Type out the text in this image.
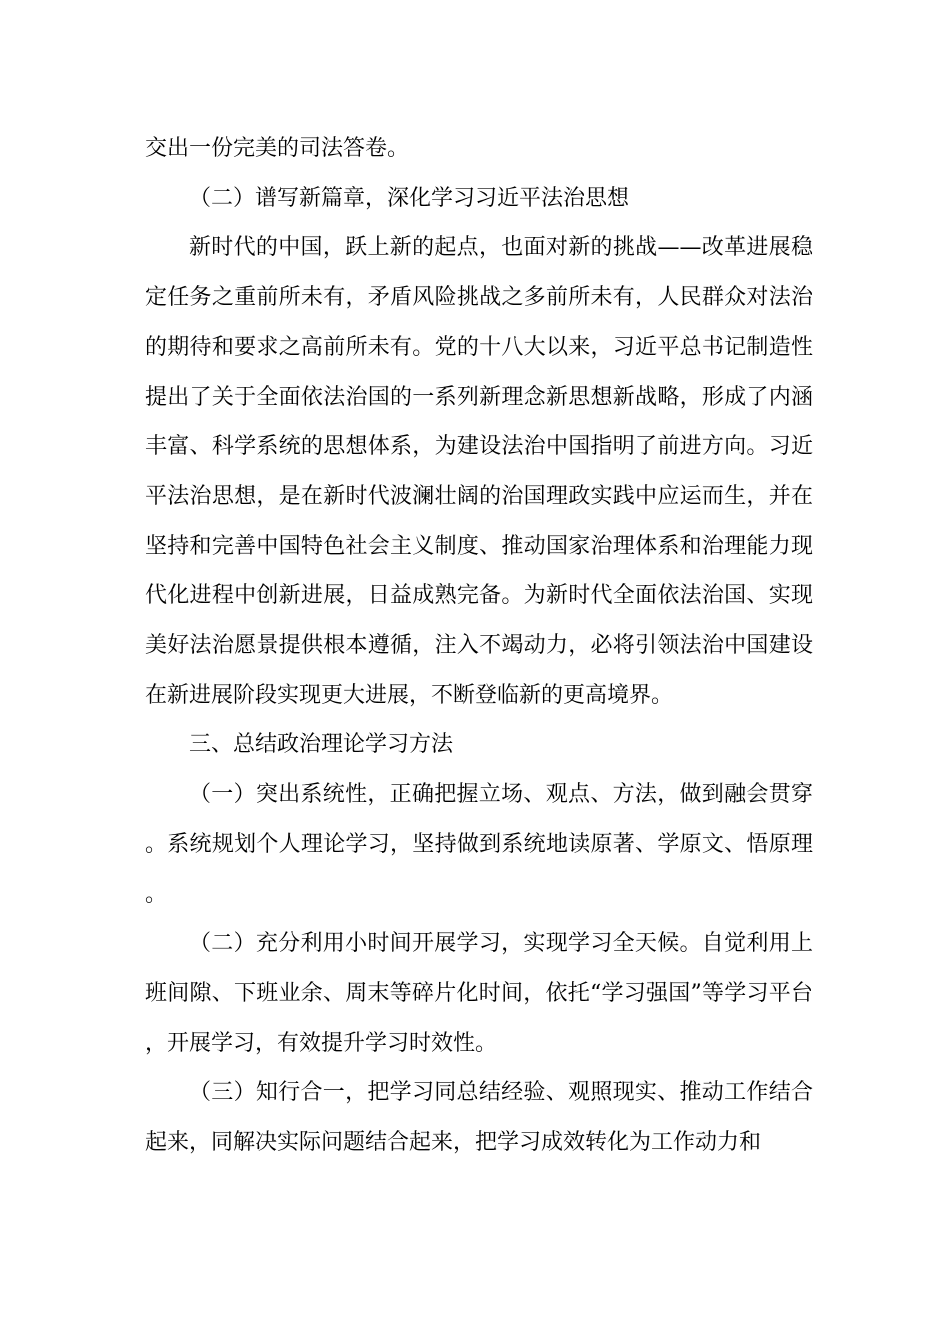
交出一份完美的司法答卷。

（二）谱写新篇章，深化学习习近平法治思想

新时代的中国，跃上新的起点，也面对新的挑战——改革进展稳定任务之重前所未有，矛盾风险挑战之多前所未有，人民群众对法治的期待和要求之高前所未有。党的十八大以来，习近平总书记制造性提出了关于全面依法治国的一系列新理念新思想新战略，形成了内涵丰富、科学系统的思想体系，为建设法治中国指明了前进方向。习近平法治思想，是在新时代波澜壮阔的治国理政实践中应运而生，并在坚持和完善中国特色社会主义制度、推动国家治理体系和治理能力现代化进程中创新进展，日益成熟完备。为新时代全面依法治国、实现美好法治愿景提供根本遵循，注入不竭动力，必将引领法治中国建设在新进展阶段实现更大进展，不断登临新的更高境界。

三、总结政治理论学习方法

（一）突出系统性，正确把握立场、观点、方法，做到融会贯穿。系统规划个人理论学习，坚持做到系统地读原著、学原文、悟原理。

（二）充分利用小时间开展学习，实现学习全天候。自觉利用上班间隙、下班业余、周末等碎片化时间，依托“学习强国”等学习平台，开展学习，有效提升学习时效性。

（三）知行合一，把学习同总结经验、观照现实、推动工作结合起来，同解决实际问题结合起来，把学习成效转化为工作动力和
